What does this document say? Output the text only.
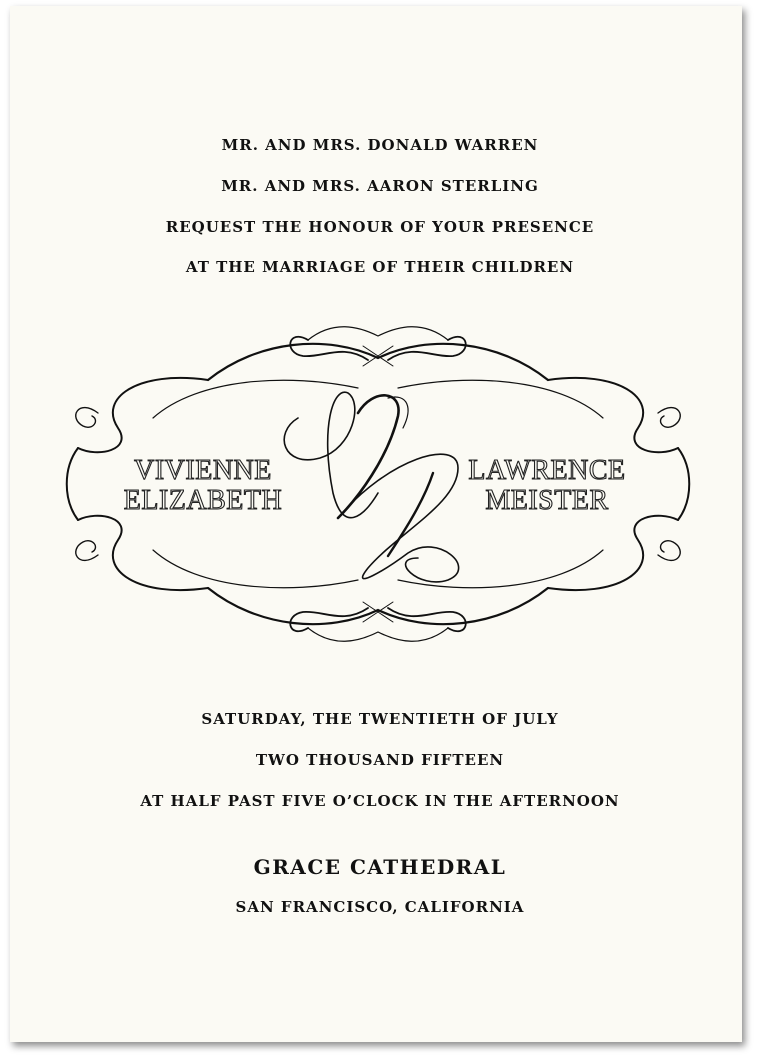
MR. AND MRS. DONALD WARREN
MR. AND MRS. AARON STERLING
REQUEST THE HONOUR OF YOUR PRESENCE
AT THE MARRIAGE OF THEIR CHILDREN
VIVIENNE
ELIZABETH
LAWRENCE
MEISTER
SATURDAY, THE TWENTIETH OF JULY
TWO THOUSAND FIFTEEN
AT HALF PAST FIVE O’CLOCK IN THE AFTERNOON
GRACE CATHEDRAL
SAN FRANCISCO, CALIFORNIA
